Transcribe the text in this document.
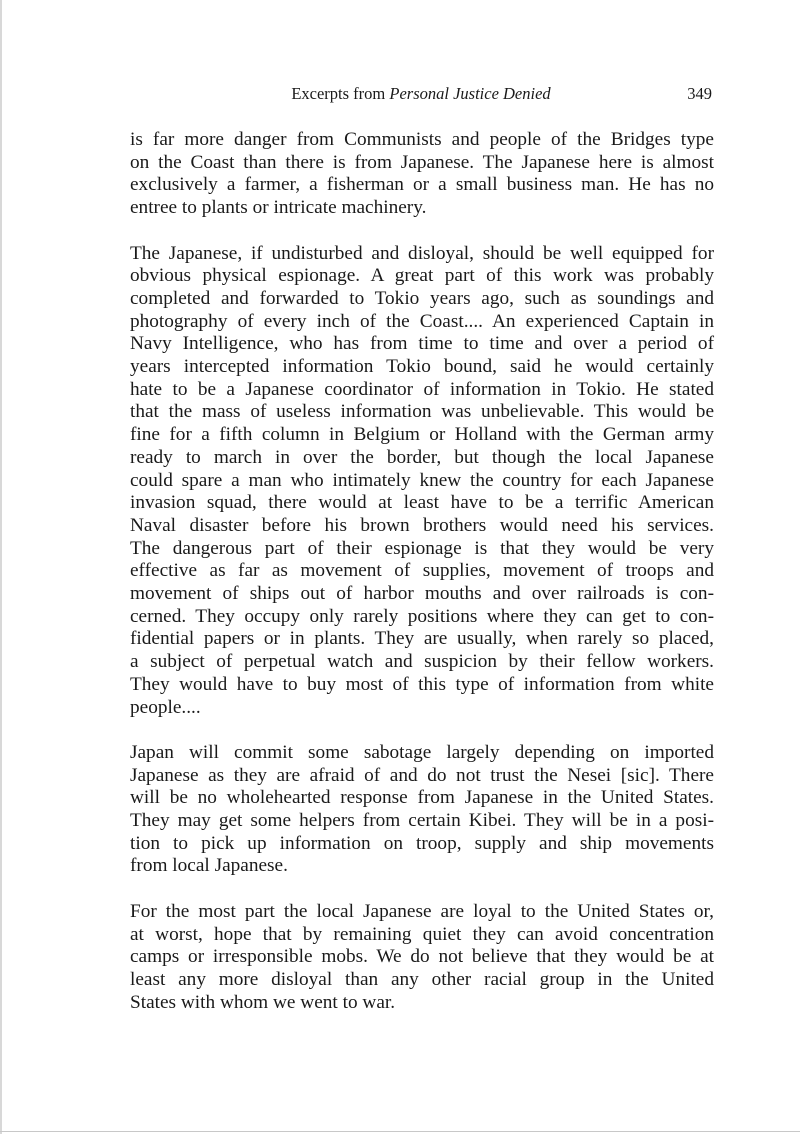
Excerpts from Personal Justice Denied	349

is far more danger from Communists and people of the Bridges type
on the Coast than there is from Japanese. The Japanese here is almost
exclusively a farmer, a fisherman or a small business man. He has no
entree to plants or intricate machinery.

The Japanese, if undisturbed and disloyal, should be well equipped for
obvious physical espionage. A great part of this work was probably
completed and forwarded to Tokio years ago, such as soundings and
photography of every inch of the Coast.... An experienced Captain in
Navy Intelligence, who has from time to time and over a period of
years intercepted information Tokio bound, said he would certainly
hate to be a Japanese coordinator of information in Tokio. He stated
that the mass of useless information was unbelievable. This would be
fine for a fifth column in Belgium or Holland with the German army
ready to march in over the border, but though the local Japanese
could spare a man who intimately knew the country for each Japanese
invasion squad, there would at least have to be a terrific American
Naval disaster before his brown brothers would need his services.
The dangerous part of their espionage is that they would be very
effective as far as movement of supplies, movement of troops and
movement of ships out of harbor mouths and over railroads is con-
cerned. They occupy only rarely positions where they can get to con-
fidential papers or in plants. They are usually, when rarely so placed,
a subject of perpetual watch and suspicion by their fellow workers.
They would have to buy most of this type of information from white
people....

Japan will commit some sabotage largely depending on imported
Japanese as they are afraid of and do not trust the Nesei [sic]. There
will be no wholehearted response from Japanese in the United States.
They may get some helpers from certain Kibei. They will be in a posi-
tion to pick up information on troop, supply and ship movements
from local Japanese.

For the most part the local Japanese are loyal to the United States or,
at worst, hope that by remaining quiet they can avoid concentration
camps or irresponsible mobs. We do not believe that they would be at
least any more disloyal than any other racial group in the United
States with whom we went to war.
